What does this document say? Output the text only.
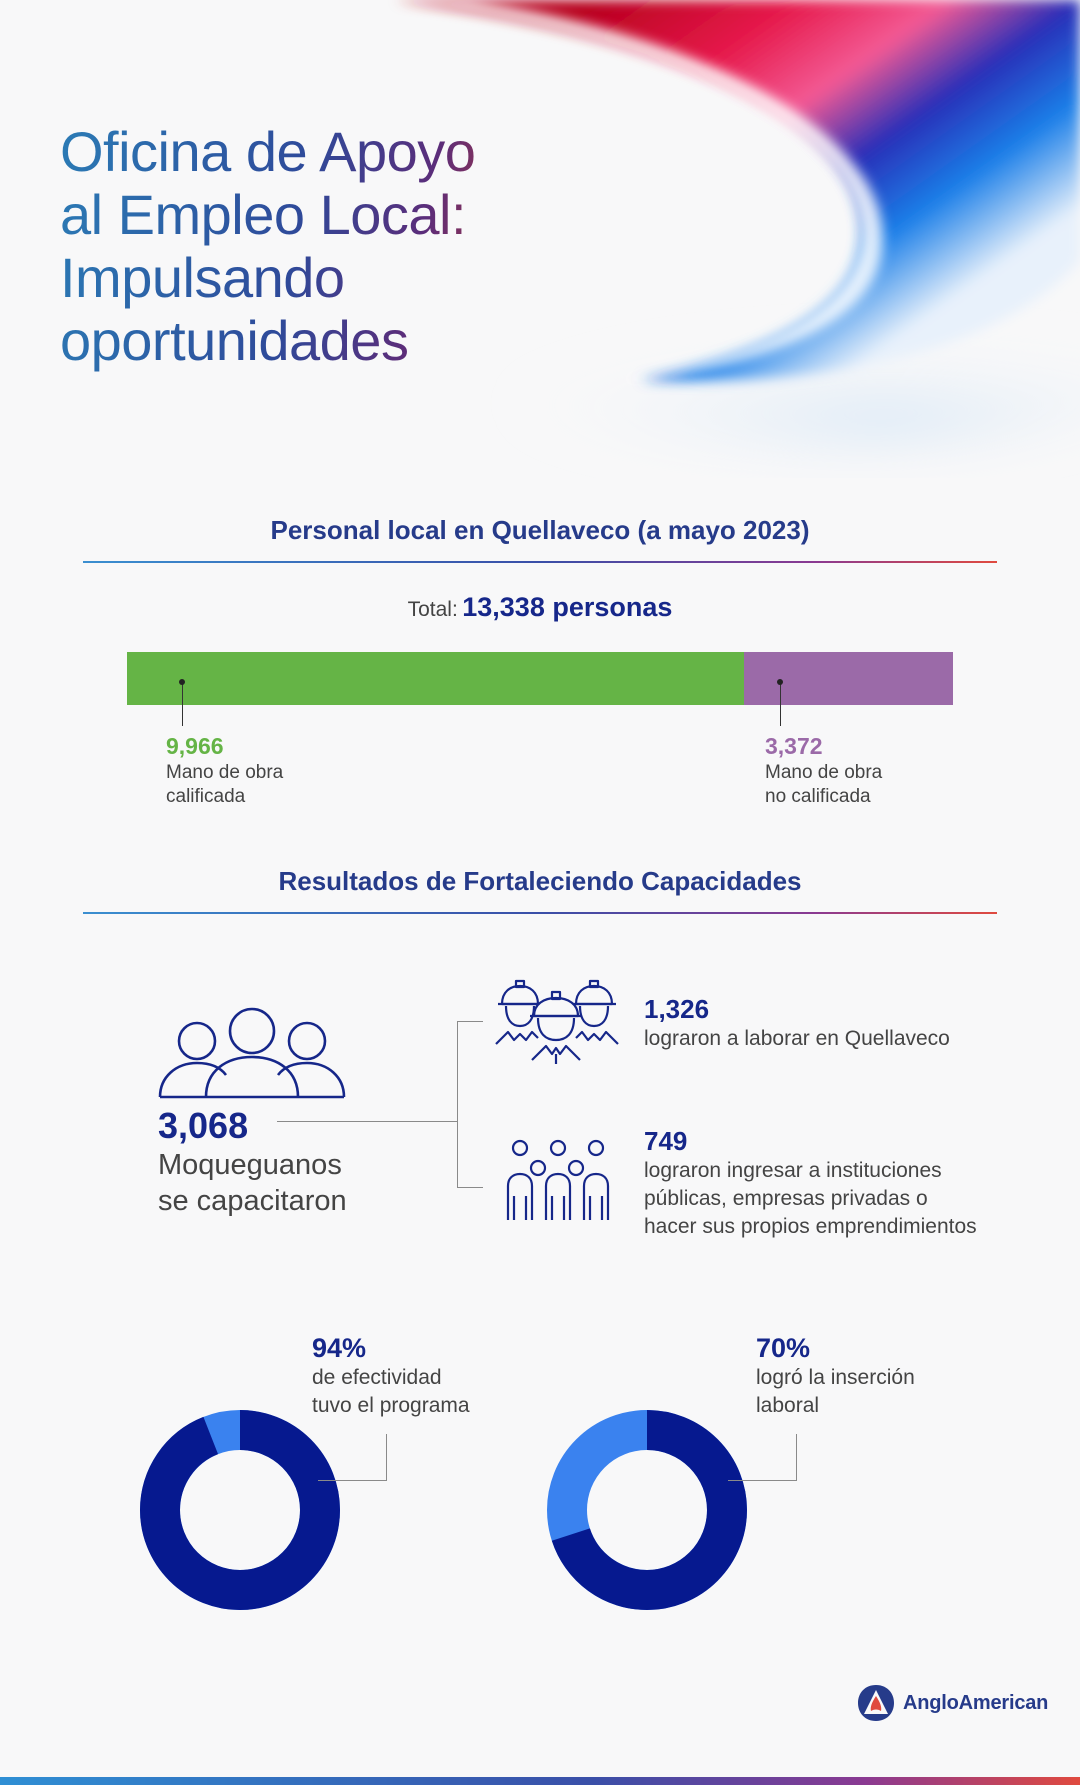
Oficina de Apoyo
al Empleo Local:
Impulsando
oportunidades
Personal local en Quellaveco (a mayo 2023)
Total: 13,338 personas
9,966
Mano de obra
calificada
3,372
Mano de obra
no calificada
Resultados de Fortaleciendo Capacidades
3,068
Moqueguanos
se capacitaron
1,326
lograron a laborar en Quellaveco
749
lograron ingresar a instituciones
públicas, empresas privadas o
hacer sus propios emprendimientos
94%
de efectividad
tuvo el programa
70%
logró la inserción
laboral
AngloAmerican
